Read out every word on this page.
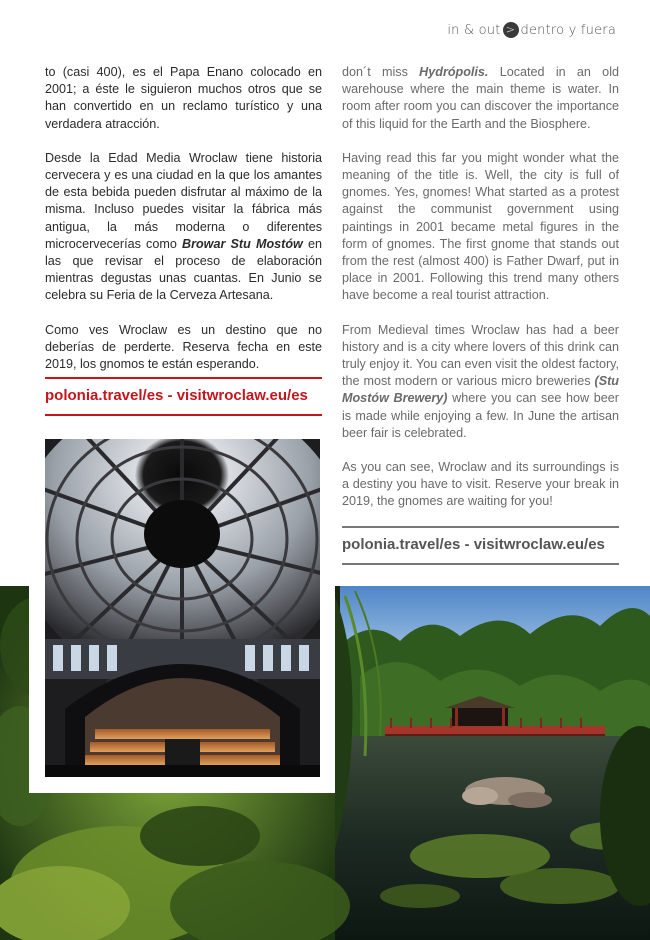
in & out > dentro y fuera

to (casi 400), es el Papa Enano colocado en 2001; a éste le siguieron muchos otros que se han convertido en un reclamo turístico y una verdadera atracción.

Desde la Edad Media Wroclaw tiene historia cervecera y es una ciudad en la que los amantes de esta bebida pueden disfrutar al máximo de la misma. Incluso puedes visitar la fábrica más antigua, la más moderna o diferentes microcervecerías como Browar Stu Mostów en las que revisar el proceso de elaboración mientras degustas unas cuantas. En Junio se celebra su Feria de la Cerveza Artesana.

Como ves Wroclaw es un destino que no deberías de perderte. Reserva fecha en este 2019, los gnomos te están esperando.

polonia.travel/es - visitwroclaw.eu/es

don´t miss Hydrópolis. Located in an old warehouse where the main theme is water. In room after room you can discover the importance of this liquid for the Earth and the Biosphere.

Having read this far you might wonder what the meaning of the title is. Well, the city is full of gnomes. Yes, gnomes! What started as a protest against the communist government using paintings in 2001 became metal figures in the form of gnomes. The first gnome that stands out from the rest (almost 400) is Father Dwarf, put in place in 2001. Following this trend many others have become a real tourist attraction.

From Medieval times Wroclaw has had a beer history and is a city where lovers of this drink can truly enjoy it. You can even visit the oldest factory, the most modern or various micro breweries (Stu Mostów Brewery) where you can see how beer is made while enjoying a few. In June the artisan beer fair is celebrated.

As you can see, Wroclaw and its surroundings is a destiny you have to visit. Reserve your break in 2019, the gnomes are waiting for you!

polonia.travel/es - visitwroclaw.eu/es
